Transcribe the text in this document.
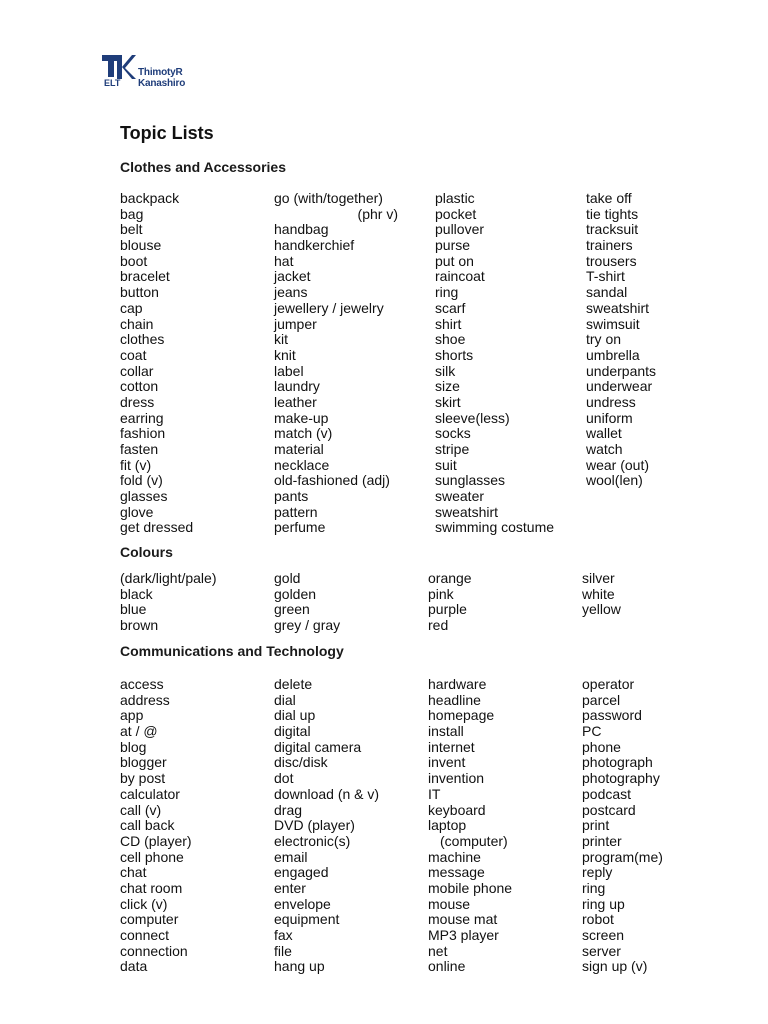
ELT
ThimotyR
Kanashiro
Topic Lists
Clothes and Accessories
backpack
bag
belt
blouse
boot
bracelet
button
cap
chain
clothes
coat
collar
cotton
dress
earring
fashion
fasten
fit (v)
fold (v)
glasses
glove
get dressed
go (with/together)
(phr v)
handbag
handkerchief
hat
jacket
jeans
jewellery / jewelry
jumper
kit
knit
label
laundry
leather
make-up
match (v)
material
necklace
old-fashioned (adj)
pants
pattern
perfume
plastic
pocket
pullover
purse
put on
raincoat
ring
scarf
shirt
shoe
shorts
silk
size
skirt
sleeve(less)
socks
stripe
suit
sunglasses
sweater
sweatshirt
swimming costume
take off
tie tights
tracksuit
trainers
trousers
T-shirt
sandal
sweatshirt
swimsuit
try on
umbrella
underpants
underwear
undress
uniform
wallet
watch
wear (out)
wool(len)
Colours
(dark/light/pale)
black
blue
brown
gold
golden
green
grey / gray
orange
pink
purple
red
silver
white
yellow
Communications and Technology
access
address
app
at / @
blog
blogger
by post
calculator
call (v)
call back
CD (player)
cell phone
chat
chat room
click (v)
computer
connect
connection
data
delete
dial
dial up
digital
digital camera
disc/disk
dot
download (n & v)
drag
DVD (player)
electronic(s)
email
engaged
enter
envelope
equipment
fax
file
hang up
hardware
headline
homepage
install
internet
invent
invention
IT
keyboard
laptop
(computer)
machine
message
mobile phone
mouse
mouse mat
MP3 player
net
online
operator
parcel
password
PC
phone
photograph
photography
podcast
postcard
print
printer
program(me)
reply
ring
ring up
robot
screen
server
sign up (v)
